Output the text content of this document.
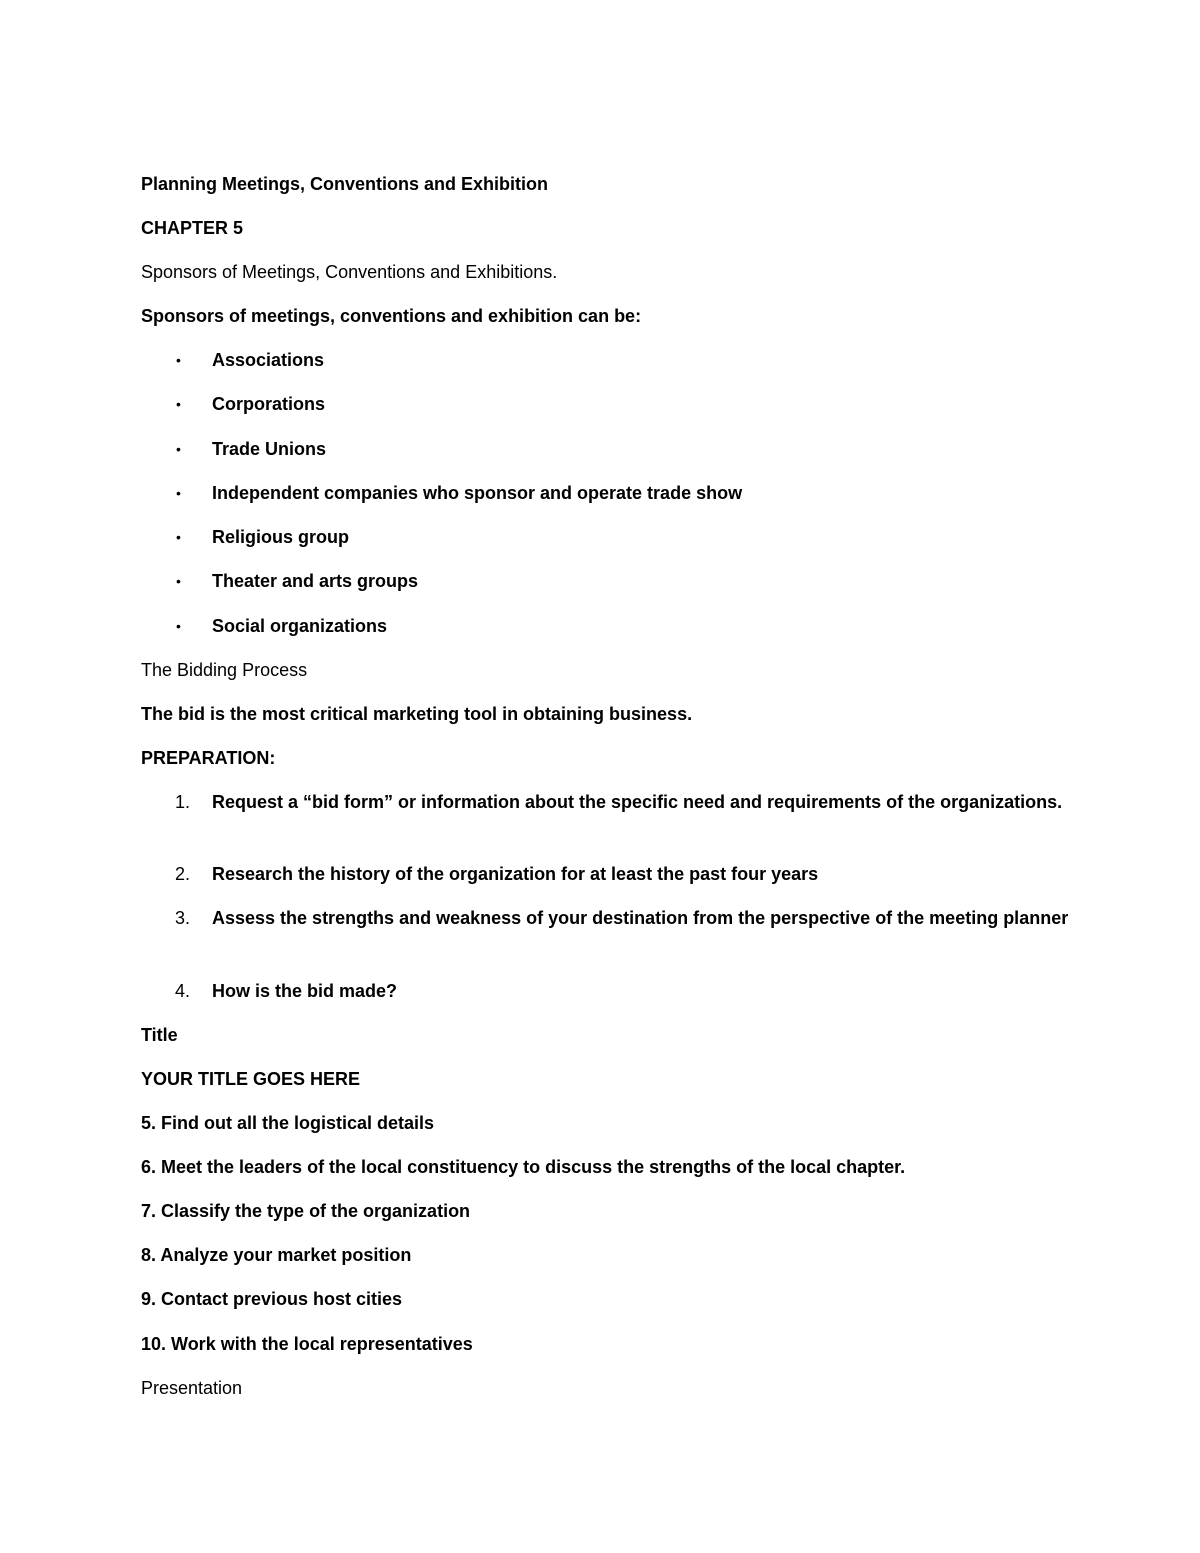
Planning Meetings, Conventions and Exhibition
CHAPTER 5
Sponsors of Meetings, Conventions and Exhibitions.
Sponsors of meetings, conventions and exhibition can be:
• Associations
• Corporations
• Trade Unions
• Independent companies who sponsor and operate trade show
• Religious group
• Theater and arts groups
• Social organizations
The Bidding Process
The bid is the most critical marketing tool in obtaining business.
PREPARATION:
1. Request a “bid form” or information about the specific need and requirements of the organizations.
2. Research the history of the organization for at least the past four years
3. Assess the strengths and weakness of your destination from the perspective of the meeting planner
4. How is the bid made?
Title
YOUR TITLE GOES HERE
5. Find out all the logistical details
6. Meet the leaders of the local constituency to discuss the strengths of the local chapter.
7. Classify the type of the organization
8. Analyze your market position
9. Contact previous host cities
10. Work with the local representatives
Presentation
